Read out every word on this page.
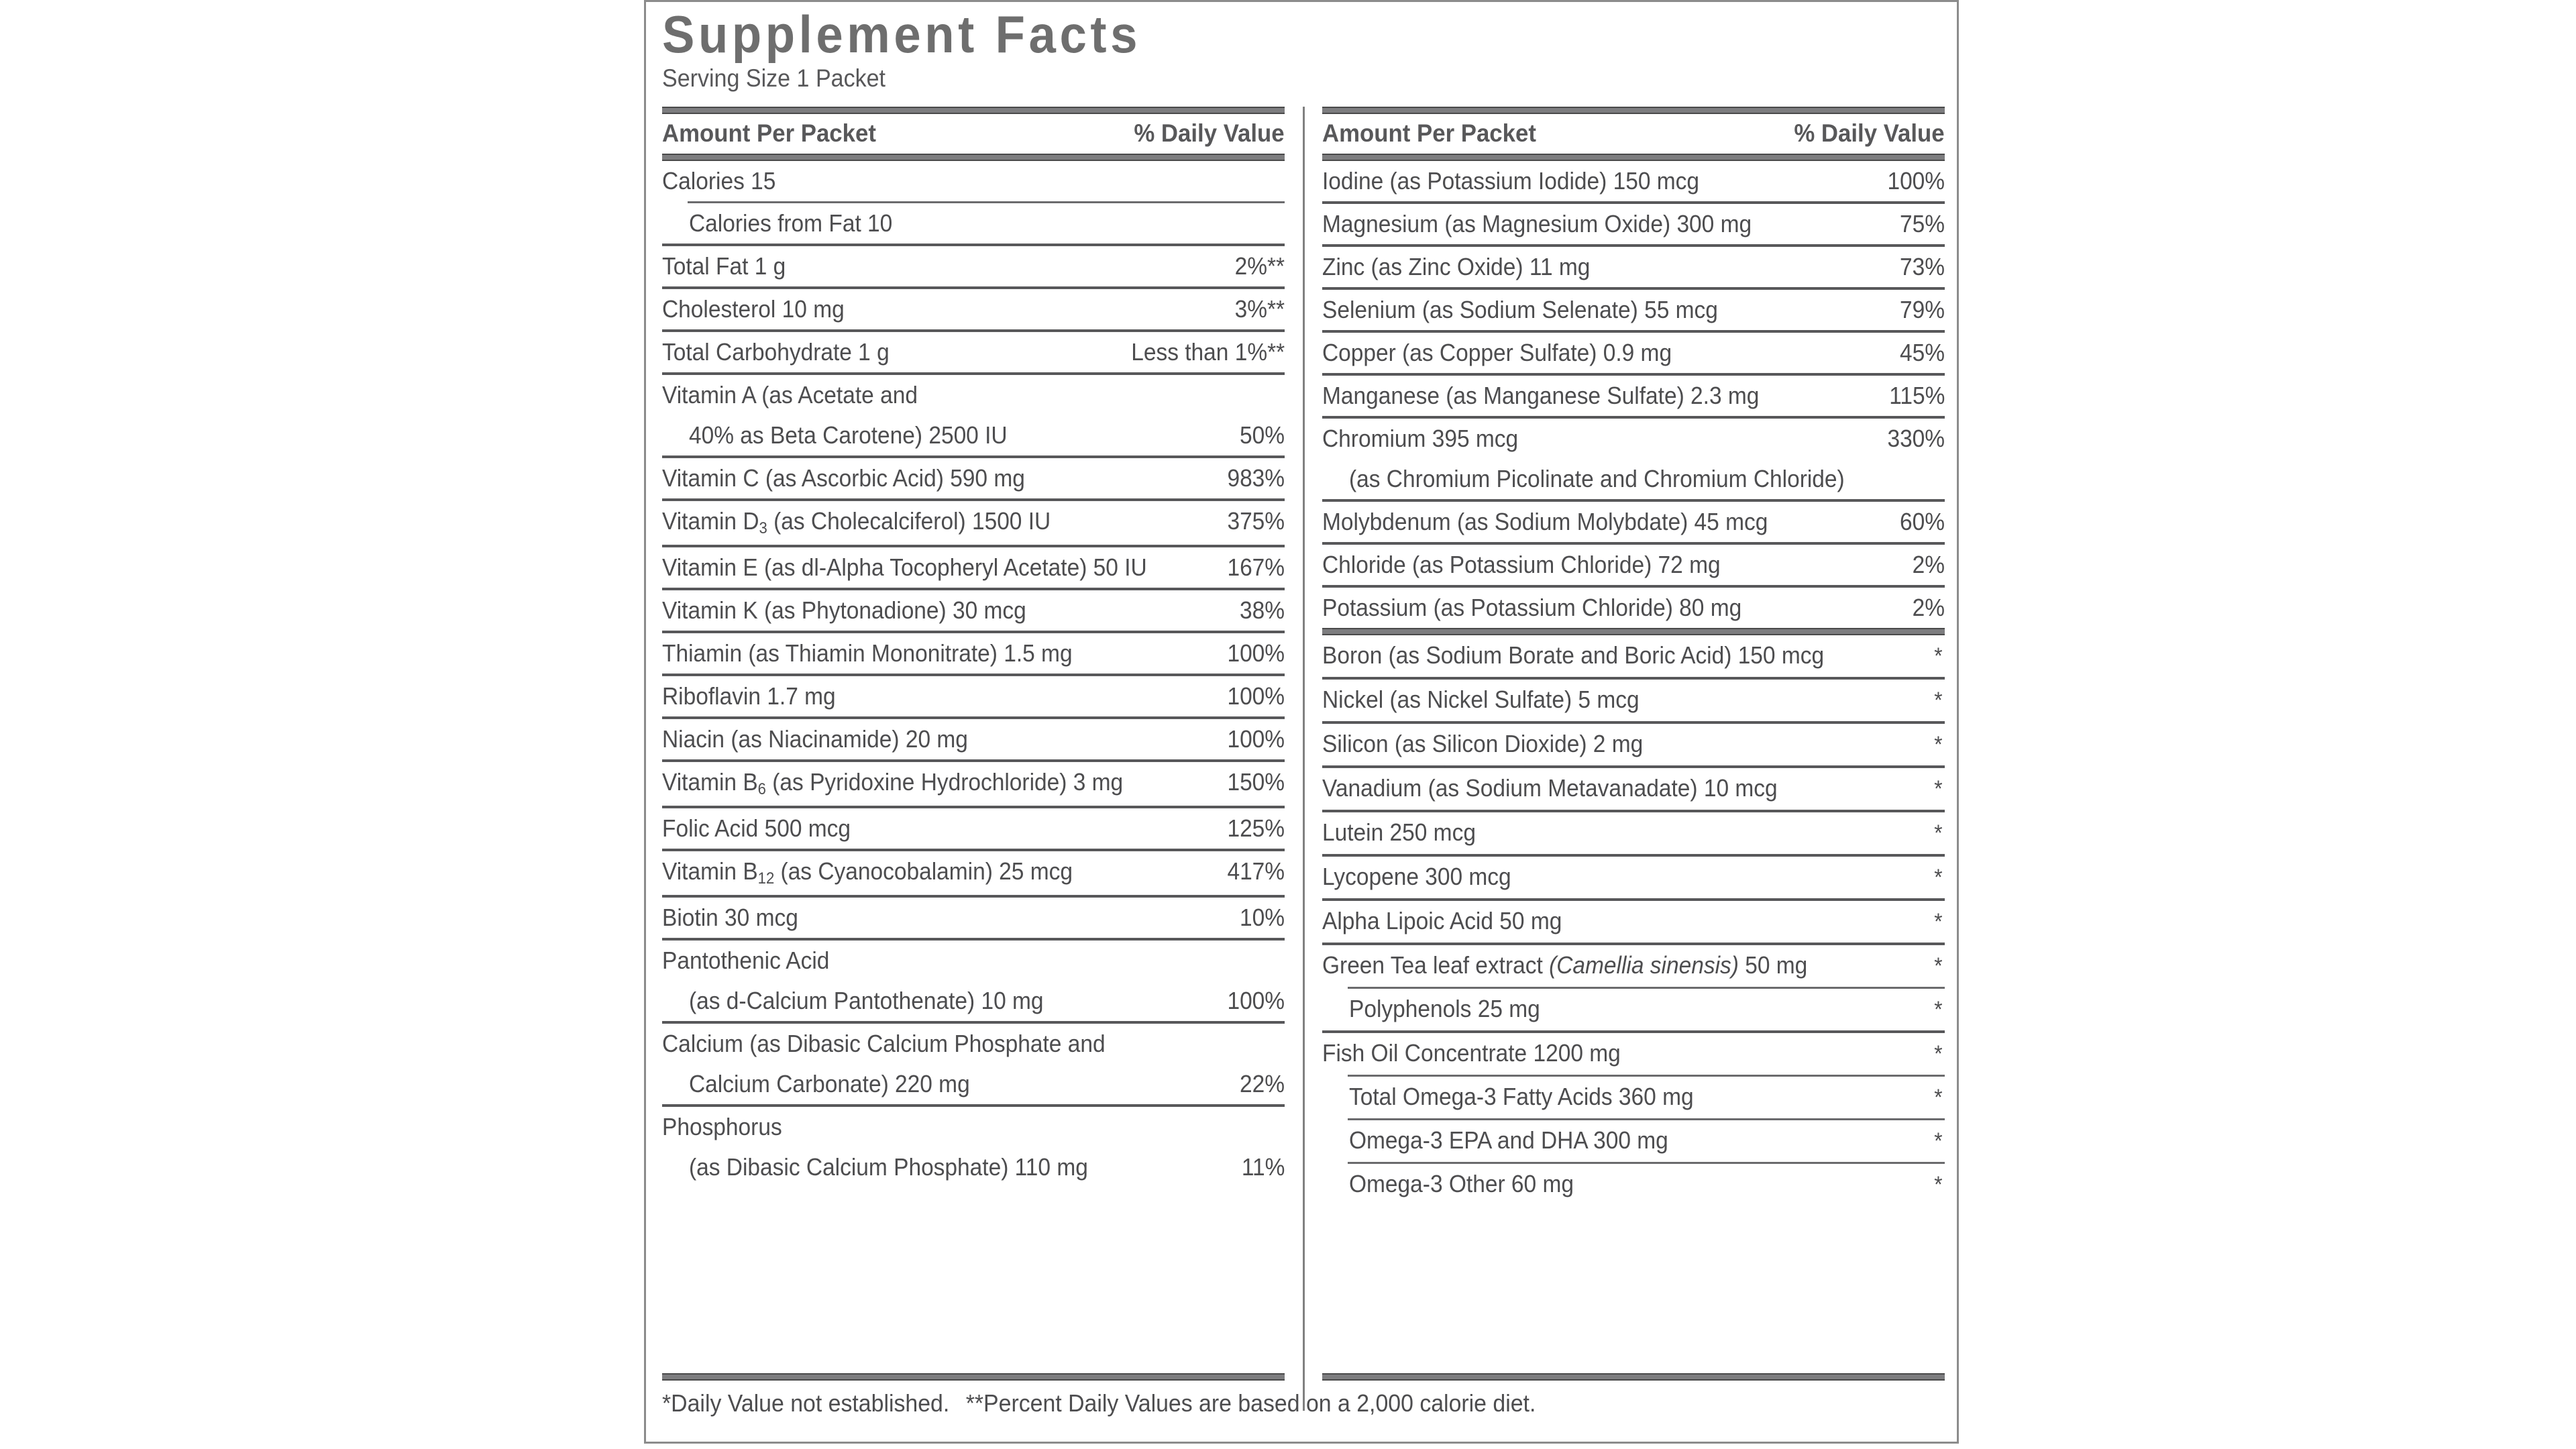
Supplement Facts
Serving Size 1 Packet
Amount Per Packet	% Daily Value
Calories 15
Calories from Fat 10
Total Fat 1 g	2%**
Cholesterol 10 mg	3%**
Total Carbohydrate 1 g	Less than 1%**
Vitamin A (as Acetate and
40% as Beta Carotene) 2500 IU	50%
Vitamin C (as Ascorbic Acid) 590 mg	983%
Vitamin $D_3$ (as Cholecalciferol) 1500 IU	375%
Vitamin E (as dl-Alpha Tocopheryl Acetate) 50 IU	167%
Vitamin K (as Phytonadione) 30 mcg	38%
Thiamin (as Thiamin Mononitrate) 1.5 mg	100%
Riboflavin 1.7 mg	100%
Niacin (as Niacinamide) 20 mg	100%
Vitamin $B_6$ (as Pyridoxine Hydrochloride) 3 mg	150%
Folic Acid 500 mcg	125%
Vitamin $B_{12}$ (as Cyanocobalamin) 25 mcg	417%
Biotin 30 mcg	10%
Pantothenic Acid
(as d-Calcium Pantothenate) 10 mg	100%
Calcium (as Dibasic Calcium Phosphate and
Calcium Carbonate) 220 mg	22%
Phosphorus
(as Dibasic Calcium Phosphate) 110 mg	11%
Amount Per Packet	% Daily Value
Iodine (as Potassium Iodide) 150 mcg	100%
Magnesium (as Magnesium Oxide) 300 mg	75%
Zinc (as Zinc Oxide) 11 mg	73%
Selenium (as Sodium Selenate) 55 mcg	79%
Copper (as Copper Sulfate) 0.9 mg	45%
Manganese (as Manganese Sulfate) 2.3 mg	115%
Chromium 395 mcg	330%
(as Chromium Picolinate and Chromium Chloride)
Molybdenum (as Sodium Molybdate) 45 mcg	60%
Chloride (as Potassium Chloride) 72 mg	2%
Potassium (as Potassium Chloride) 80 mg	2%
Boron (as Sodium Borate and Boric Acid) 150 mcg	*
Nickel (as Nickel Sulfate) 5 mcg	*
Silicon (as Silicon Dioxide) 2 mg	*
Vanadium (as Sodium Metavanadate) 10 mcg	*
Lutein 250 mcg	*
Lycopene 300 mcg	*
Alpha Lipoic Acid 50 mg	*
Green Tea leaf extract (Camellia sinensis) 50 mg	*
Polyphenols 25 mg	*
Fish Oil Concentrate 1200 mg	*
Total Omega-3 Fatty Acids 360 mg	*
Omega-3 EPA and DHA 300 mg	*
Omega-3 Other 60 mg	*
*Daily Value not established. **Percent Daily Values are based on a 2,000 calorie diet.
